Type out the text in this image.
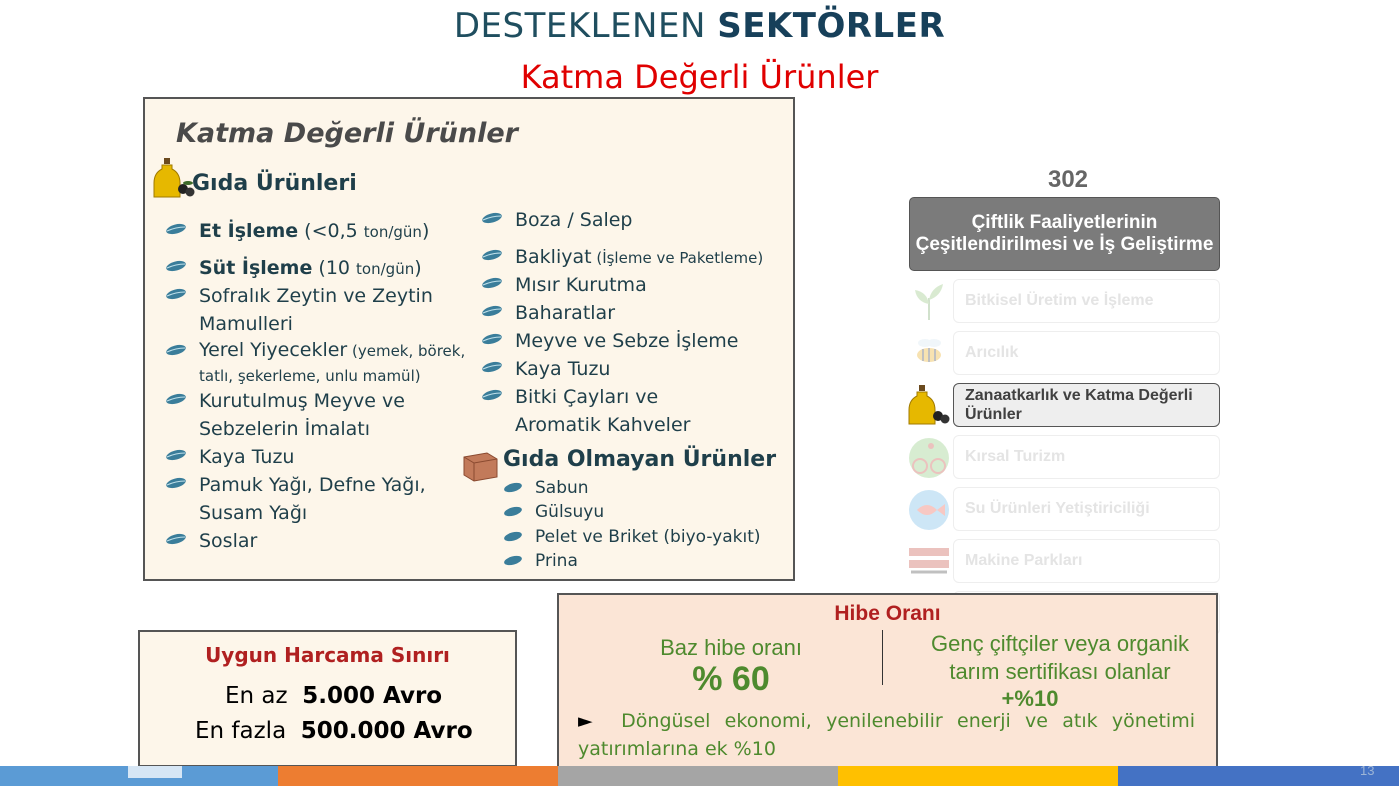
DESTEKLENEN SEKTÖRLER
Katma Değerli Ürünler
Katma Değerli Ürünler
Gıda Ürünleri
Et İşleme (<0,5 ton/gün)
Süt İşleme (10 ton/gün)
Sofralık Zeytin ve Zeytin
Mamulleri
Yerel Yiyecekler (yemek, börek,
tatlı, şekerleme, unlu mamül)
Kurutulmuş Meyve ve
Sebzelerin İmalatı
Kaya Tuzu
Pamuk Yağı, Defne Yağı,
Susam Yağı
Soslar
Boza / Salep
Bakliyat (İşleme ve Paketleme)
Mısır Kurutma
Baharatlar
Meyve ve Sebze İşleme
Kaya Tuzu
Bitki Çayları ve
Aromatik Kahveler
Gıda Olmayan Ürünler
Sabun
Gülsuyu
Pelet ve Briket (biyo-yakıt)
Prina
302
Çiftlik Faaliyetlerinin Çeşitlendirilmesi ve İş Geliştirme
Bitkisel Üretim ve İşleme
Arıcılık
Zanaatkarlık ve Katma Değerli Ürünler
Kırsal Turizm
Su Ürünleri Yetiştiriciliği
Makine Parkları
Uygun Harcama Sınırı
En az 5.000 Avro
En fazla 500.000 Avro
Hibe Oranı
Baz hibe oranı
% 60
Genç çiftçiler veya organik tarım sertifikası olanlar
+%10
► Döngüsel ekonomi, yenilenebilir enerji ve atık yönetimi
yatırımlarına ek %10
13
